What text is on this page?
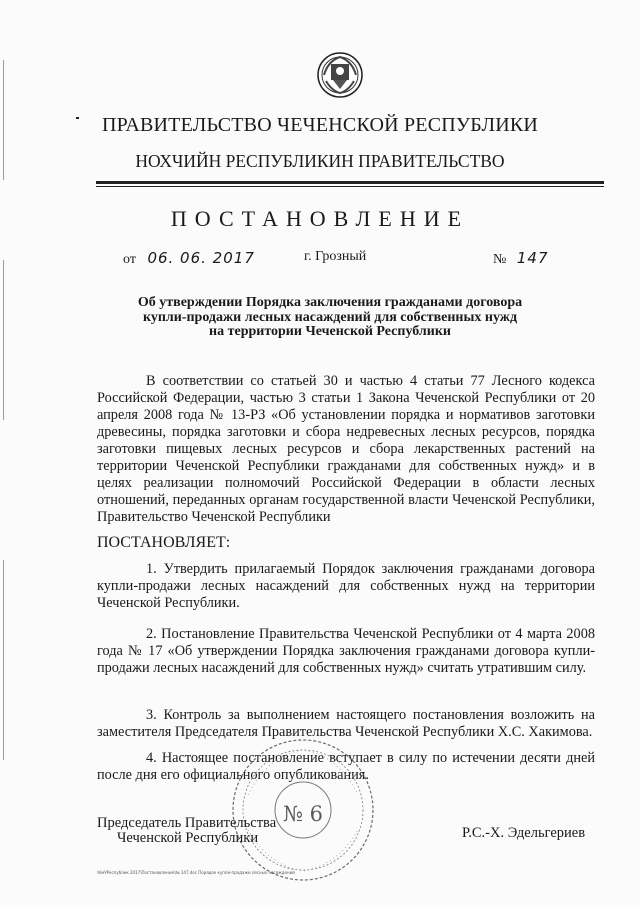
ПРАВИТЕЛЬСТВО ЧЕЧЕНСКОЙ РЕСПУБЛИКИ
НОХЧИЙН РЕСПУБЛИКИН ПРАВИТЕЛЬСТВО
ПОСТАНОВЛЕНИЕ
от 06. 06. 2017	г. Грозный	№ 147
Об утверждении Порядка заключения гражданами договора
купли-продажи лесных насаждений для собственных нужд
на территории Чеченской Республики

В соответствии со статьей 30 и частью 4 статьи 77 Лесного кодекса Российской Федерации, частью 3 статьи 1 Закона Чеченской Республики от 20 апреля 2008 года № 13-РЗ «Об установлении порядка и нормативов заготовки древесины, порядка заготовки и сбора недревесных лесных ресурсов, порядка заготовки пищевых лесных ресурсов и сбора лекарственных растений на территории Чеченской Республики гражданами для собственных нужд» и в целях реализации полномочий Российской Федерации в области лесных отношений, переданных органам государственной власти Чеченской Республики, Правительство Чеченской Республики

ПОСТАНОВЛЯЕТ:

1. Утвердить прилагаемый Порядок заключения гражданами договора купли-продажи лесных насаждений для собственных нужд на территории Чеченской Республики.

2. Постановление Правительства Чеченской Республики от 4 марта 2008 года № 17 «Об утверждении Порядка заключения гражданами договора купли-продажи лесных насаждений для собственных нужд» считать утратившим силу.

3. Контроль за выполнением настоящего постановления возложить на заместителя Председателя Правительства Чеченской Республики Х.С. Хакимова.

4. Настоящее постановление вступает в силу по истечении десяти дней после дня его официального опубликования.

№ 6
Председатель Правительства
Чеченской Республики	Р.С.-Х. Эдельгериев
\КмУРеспублик 2017\Постановление\№ 147.doc Порядок купли-продажи лесных насаждений
